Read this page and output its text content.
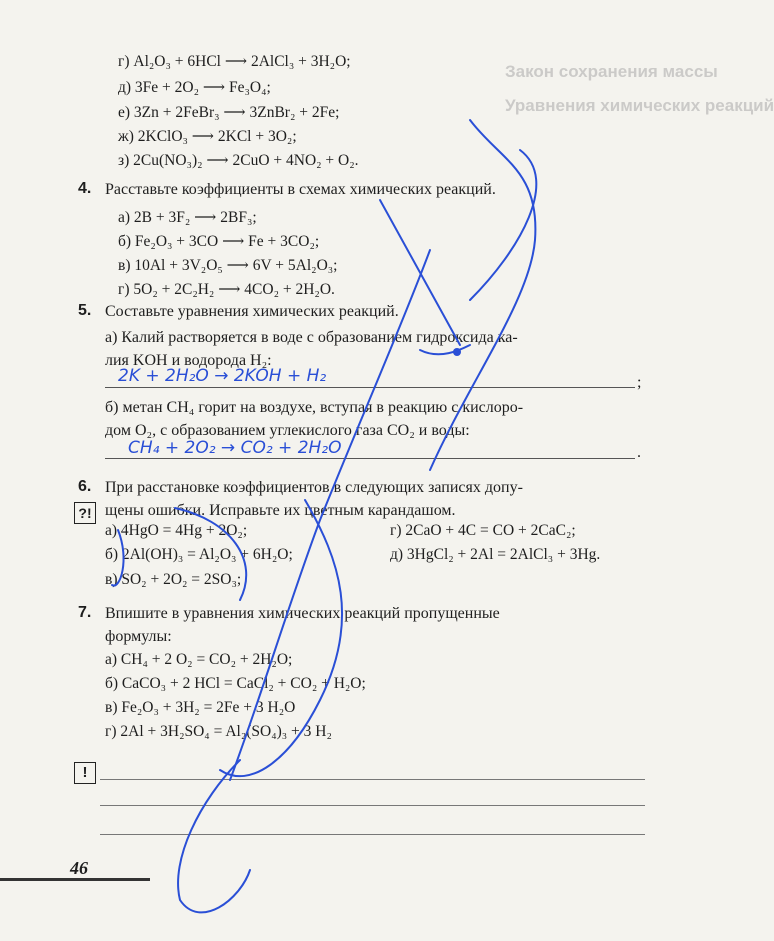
Закон сохранения массы
Уравнения химических реакций
г) Al₂O₃ + 6HCl ⟶ 2AlCl₃ + 3H₂O;
д) 3Fe + 2O₂ ⟶ Fe₃O₄;
е) 3Zn + 2FeBr₃ ⟶ 3ZnBr₂ + 2Fe;
ж) 2KClO₃ ⟶ 2KCl + 3O₂;
з) 2Cu(NO₃)₂ ⟶ 2CuO + 4NO₂ + O₂.
4. Расставьте коэффициенты в схемах химических реакций.
а) 2B + 3F₂ ⟶ 2BF₃;
б) Fe₂O₃ + 3CO ⟶ Fe + 3CO₂;
в) 10Al + 3V₂O₅ ⟶ 6V + 5Al₂O₃;
г) 5O₂ + 2C₂H₂ ⟶ 4CO₂ + 2H₂O.
5. Составьте уравнения химических реакций.
а) Калий растворяется в воде с образованием гидроксида ка-
лия KOH и водорода H₂:
2K + 2H₂O → 2KOH + H₂	;
б) метан CH₄ горит на воздухе, вступая в реакцию с кислоро-
дом O₂, с образованием углекислого газа CO₂ и воды:
CH₄ + 2O₂ → CO₂ + 2H₂O	.
6.
?!
При расстановке коэффициентов в следующих записях допу-
щены ошибки. Исправьте их цветным карандашом.
а) 4HgO = 4Hg + 2O₂;
б) 2Al(OH)₃ = Al₂O₃ + 6H₂O;
в) SO₂ + 2O₂ = 2SO₃;
г) 2CaO + 4C = CO + 2CaC₂;
д) 3HgCl₂ + 2Al = 2AlCl₃ + 3Hg.
7. Впишите в уравнения химических реакций пропущенные
формулы:
а) CH₄ + 2 O₂ = CO₂ + 2H₂O;
б) CaCO₃ + 2 HCl = CaCl₂ + CO₂ + H₂O;
в) Fe₂O₃ + 3H₂ = 2Fe + 3 H₂O
г) 2Al + 3H₂SO₄ = Al₂(SO₄)₃ + 3 H₂
!
46
